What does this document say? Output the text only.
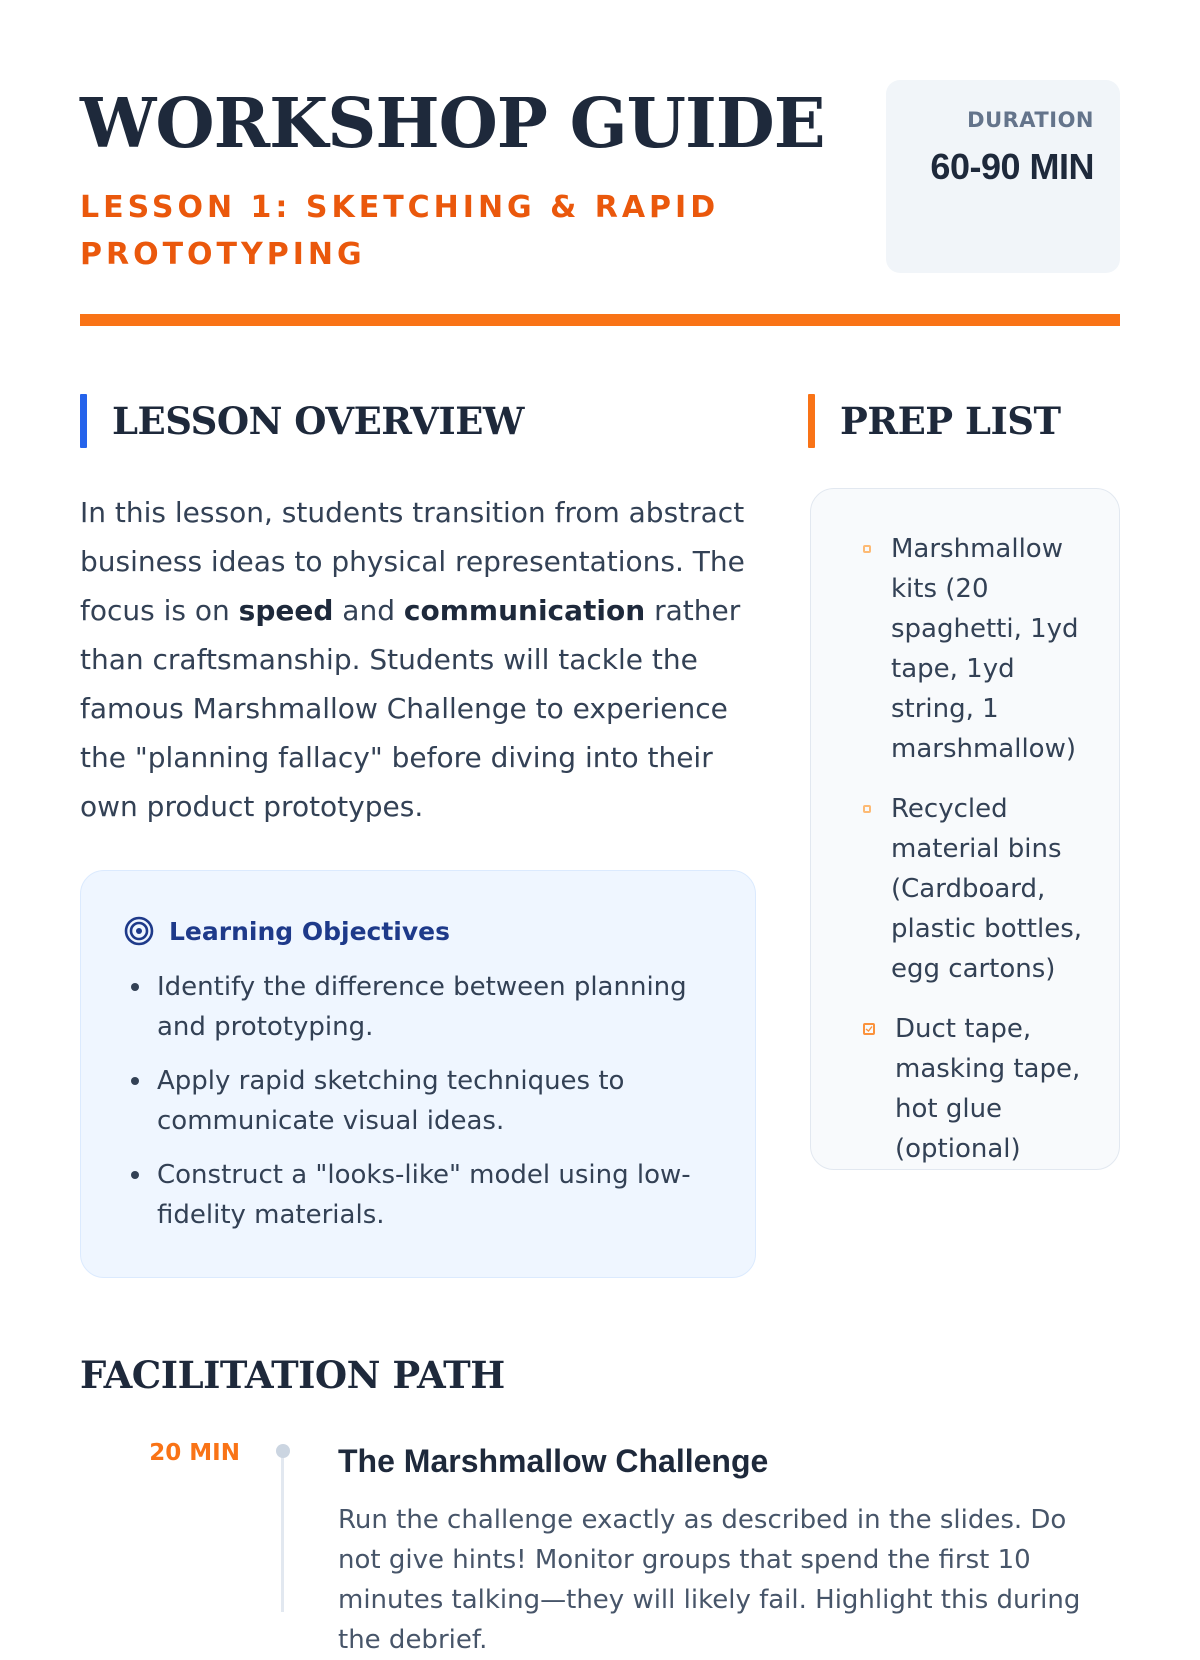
WORKSHOP GUIDE
LESSON 1: SKETCHING & RAPID PROTOTYPING
DURATION
60-90 MIN
LESSON OVERVIEW

In this lesson, students transition from abstract business ideas to physical representations. The focus is on speed and communication rather than craftsmanship. Students will tackle the famous Marshmallow Challenge to experience the "planning fallacy" before diving into their own product prototypes.

Learning Objectives
Identify the difference between planning and prototyping.
Apply rapid sketching techniques to communicate visual ideas.
Construct a "looks-like" model using low-fidelity materials.
PREP LIST
Marshmallow kits (20 spaghetti, 1yd tape, 1yd string, 1 marshmallow)
Recycled material bins (Cardboard, plastic bottles, egg cartons)
Duct tape, masking tape, hot glue (optional)
FACILITATION PATH
20 MIN	The Marshmallow Challenge
Run the challenge exactly as described in the slides. Do not give hints! Monitor groups that spend the first 10 minutes talking—they will likely fail. Highlight this during the debrief.
